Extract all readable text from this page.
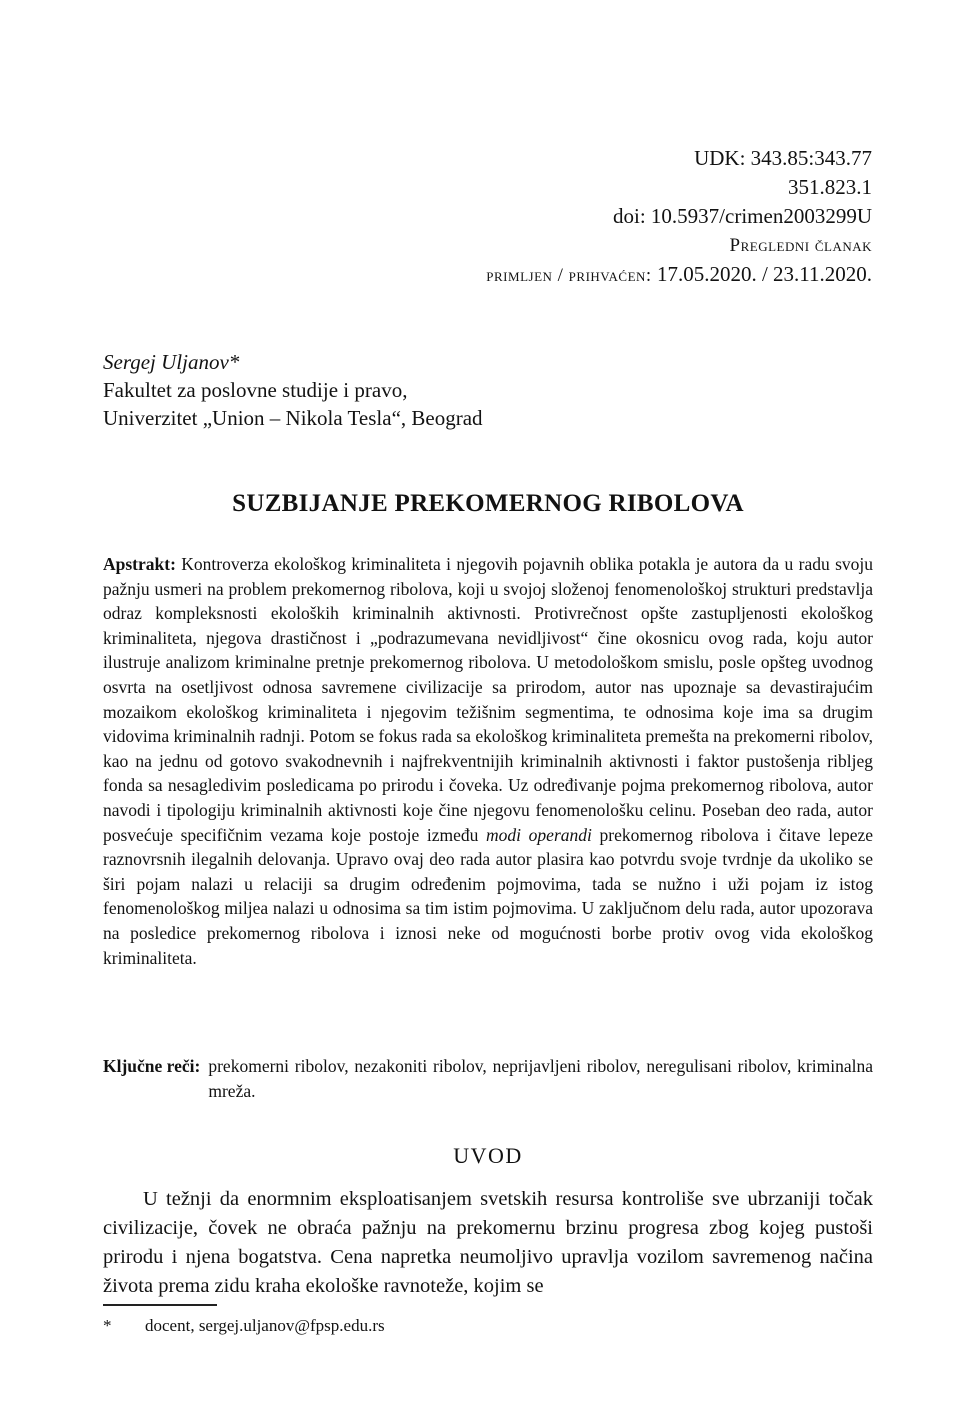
UDK: 343.85:343.77
351.823.1
doi: 10.5937/crimen2003299U
Pregledni članak
primljen / prihvaćen: 17.05.2020. / 23.11.2020.
Sergej Uljanov*
Fakultet za poslovne studije i pravo,
Univerzitet „Union – Nikola Tesla“, Beograd
SUZBIJANJE PREKOMERNOG RIBOLOVA

Apstrakt: Kontroverza ekološkog kriminaliteta i njegovih pojavnih oblika potakla je autora da u radu svoju pažnju usmeri na problem prekomernog ribolova, koji u svojoj složenoj fenomenološkoj strukturi predstavlja odraz kompleksnosti ekoloških kriminalnih aktivnosti. Protivrečnost opšte zastupljenosti ekološkog kriminaliteta, njegova drastičnost i „podrazumevana nevidljivost“ čine okosnicu ovog rada, koju autor ilustruje analizom kriminalne pretnje prekomernog ribolova. U metodološkom smislu, posle opšteg uvodnog osvrta na osetljivost odnosa savremene civilizacije sa prirodom, autor nas upoznaje sa devastirajućim mozaikom ekološkog kriminaliteta i njegovim težišnim segmentima, te odnosima koje ima sa drugim vidovima kriminalnih radnji. Potom se fokus rada sa ekološkog kriminaliteta premešta na prekomerni ribolov, kao na jednu od gotovo svakodnevnih i najfrekventnijih kriminalnih aktivnosti i faktor pustošenja ribljeg fonda sa nesagledivim posledicama po prirodu i čoveka. Uz određivanje pojma prekomernog ribolova, autor navodi i tipologiju kriminalnih aktivnosti koje čine njegovu fenomenološku celinu. Poseban deo rada, autor posvećuje specifičnim vezama koje postoje između modi operandi prekomernog ribolova i čitave lepeze raznovrsnih ilegalnih delovanja. Upravo ovaj deo rada autor plasira kao potvrdu svoje tvrdnje da ukoliko se širi pojam nalazi u relaciji sa drugim određenim pojmovima, tada se nužno i uži pojam iz istog fenomenološkog miljea nalazi u odnosima sa tim istim pojmovima. U zaključnom delu rada, autor upozorava na posledice prekomernog ribolova i iznosi neke od mogućnosti borbe protiv ovog vida ekološkog kriminaliteta.

Ključne reči: prekomerni ribolov, nezakoniti ribolov, neprijavljeni ribolov, neregulisani ribolov, kriminalna mreža.
UVOD

U težnji da enormnim eksploatisanjem svetskih resursa kontroliše sve ubrzaniji točak civilizacije, čovek ne obraća pažnju na prekomernu brzinu progresa zbog kojeg pustoši prirodu i njena bogatstva. Cena napretka neumoljivo upravlja vozilom savremenog načina života prema zidu kraha ekološke ravnoteže, kojim se

*	docent, sergej.uljanov@fpsp.edu.rs
